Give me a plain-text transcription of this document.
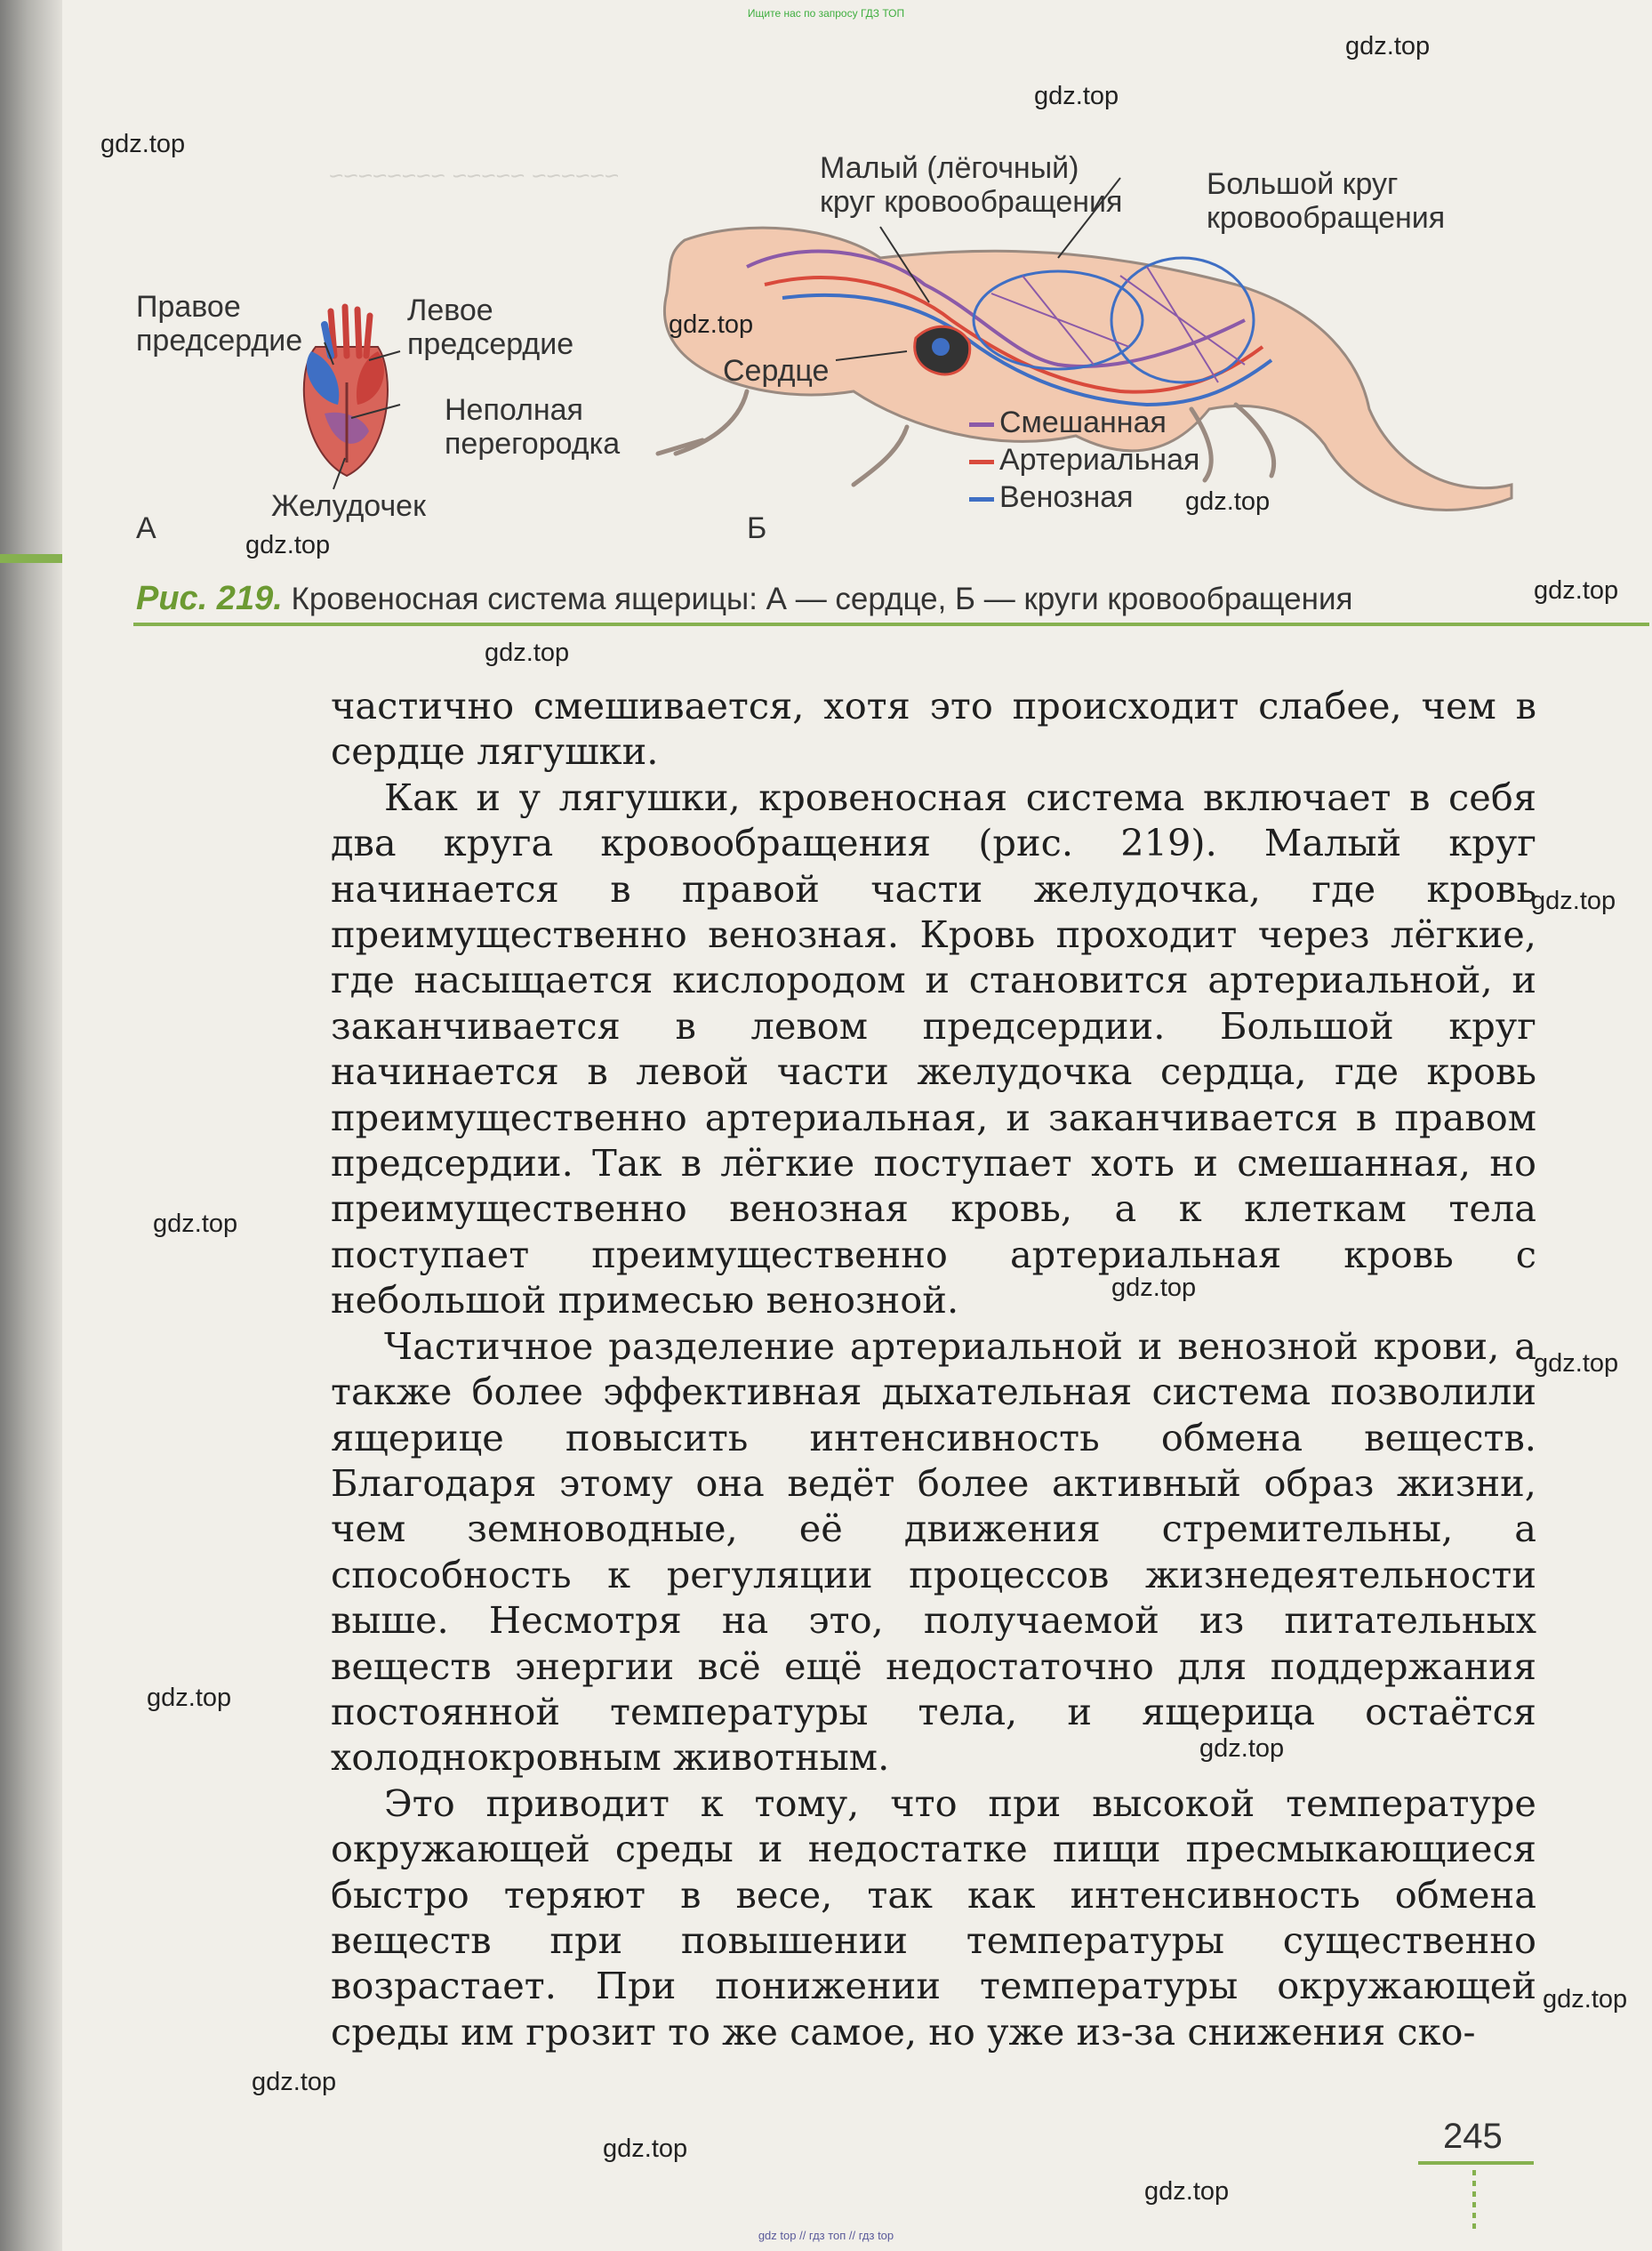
Ищите нас по запросу ГДЗ ТОП
~~~~~~ ~~~~~ ~~~~~~~~
Правое
предсердие
Левое
предсердие
Неполная
перегородка
Желудочек
А
Сердце
Малый (лёгочный)
круг кровообращения
Большой круг
кровообращения
Б
Смешанная
Артериальная
Венозная
Рис. 219. Кровеносная система ящерицы: А — сердце, Б — круги кровообращения

частично смешивается, хотя это происходит слабее, чем в сердце лягушки.

Как и у лягушки, кровеносная система включает в себя два круга кровообращения (рис. 219). Малый круг начинается в правой части желудочка, где кровь преимущественно венозная. Кровь проходит через лёгкие, где насыщается кислородом и становится артериальной, и заканчивается в левом предсердии. Большой круг начинается в левой части желудочка сердца, где кровь преимущественно артериальная, и заканчивается в правом предсердии. Так в лёгкие поступает хоть и смешанная, но преимущественно венозная кровь, а к клеткам тела поступает преимущественно артериальная кровь с небольшой примесью венозной.

Частичное разделение артериальной и венозной крови, а также более эффективная дыхательная система позволили ящерице повысить интенсивность обмена веществ. Благодаря этому она ведёт более активный образ жизни, чем земноводные, её движения стремительны, а способность к регуляции процессов жизнедеятельности выше. Несмотря на это, получаемой из питательных веществ энергии всё ещё недостаточно для поддержания постоянной температуры тела, и ящерица остаётся холоднокровным животным.

Это приводит к тому, что при высокой температуре окружающей среды и недостатке пищи пресмыкающиеся быстро теряют в весе, так как интенсивность обмена веществ при повышении температуры существенно возрастает. При понижении температуры окружающей среды им грозит то же самое, но уже из-за снижения ско-

245
gdz.top
gdz.top
gdz.top
gdz.top
gdz.top
gdz.top
gdz.top
gdz.top
gdz.top
gdz.top
gdz.top
gdz.top
gdz.top
gdz.top
gdz.top
gdz.top
gdz.top
gdz.top
gdz top // гдз топ // гдз top
